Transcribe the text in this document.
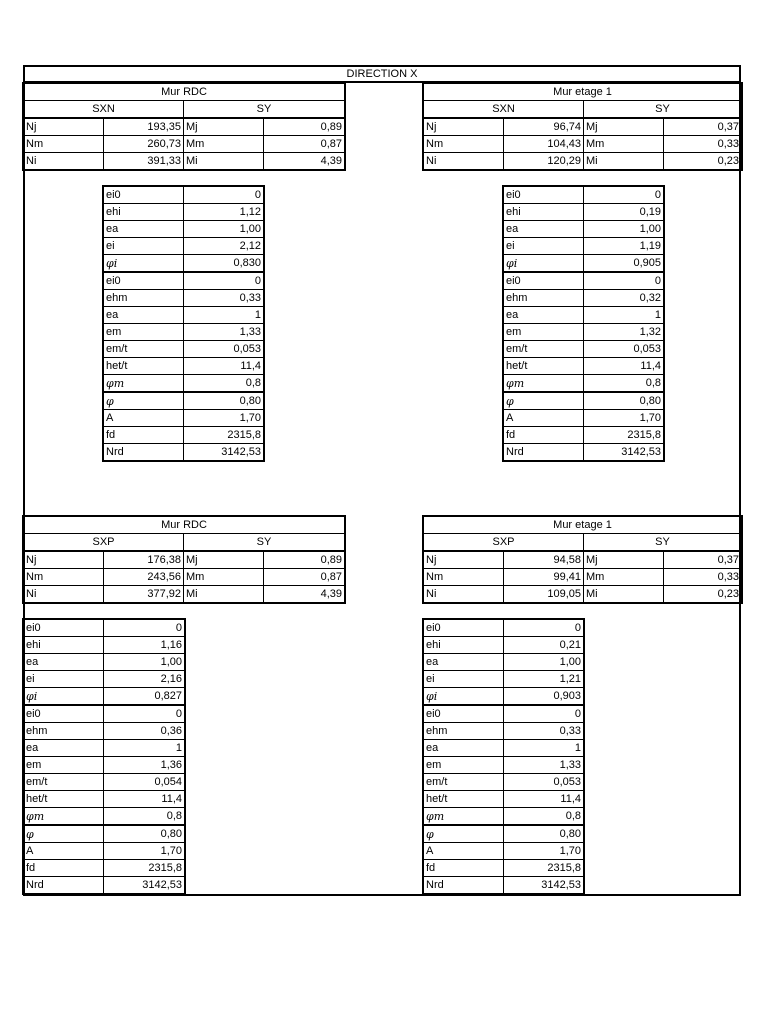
DIRECTION X
Mur RDC			
SXN		SY	
Nj	193,35	Mj	0,89
Nm	260,73	Mm	0,87
Ni	391,33	Mi	4,39
Mur etage 1			
SXN		SY	
Nj	96,74	Mj	0,37
Nm	104,43	Mm	0,33
Ni	120,29	Mi	0,23
Mur RDC			
SXP		SY	
Nj	176,38	Mj	0,89
Nm	243,56	Mm	0,87
Ni	377,92	Mi	4,39
Mur etage 1			
SXP		SY	
Nj	94,58	Mj	0,37
Nm	99,41	Mm	0,33
Ni	109,05	Mi	0,23
ei0	0
ehi	1,12
ea	1,00
ei	2,12
φi	0,830
ei0	0
ehm	0,33
ea	1
em	1,33
em/t	0,053
het/t	11,4
φm	0,8
φ	0,80
A	1,70
fd	2315,8
Nrd	3142,53
ei0	0
ehi	0,19
ea	1,00
ei	1,19
φi	0,905
ei0	0
ehm	0,32
ea	1
em	1,32
em/t	0,053
het/t	11,4
φm	0,8
φ	0,80
A	1,70
fd	2315,8
Nrd	3142,53
ei0	0
ehi	1,16
ea	1,00
ei	2,16
φi	0,827
ei0	0
ehm	0,36
ea	1
em	1,36
em/t	0,054
het/t	11,4
φm	0,8
φ	0,80
A	1,70
fd	2315,8
Nrd	3142,53
ei0	0
ehi	0,21
ea	1,00
ei	1,21
φi	0,903
ei0	0
ehm	0,33
ea	1
em	1,33
em/t	0,053
het/t	11,4
φm	0,8
φ	0,80
A	1,70
fd	2315,8
Nrd	3142,53
